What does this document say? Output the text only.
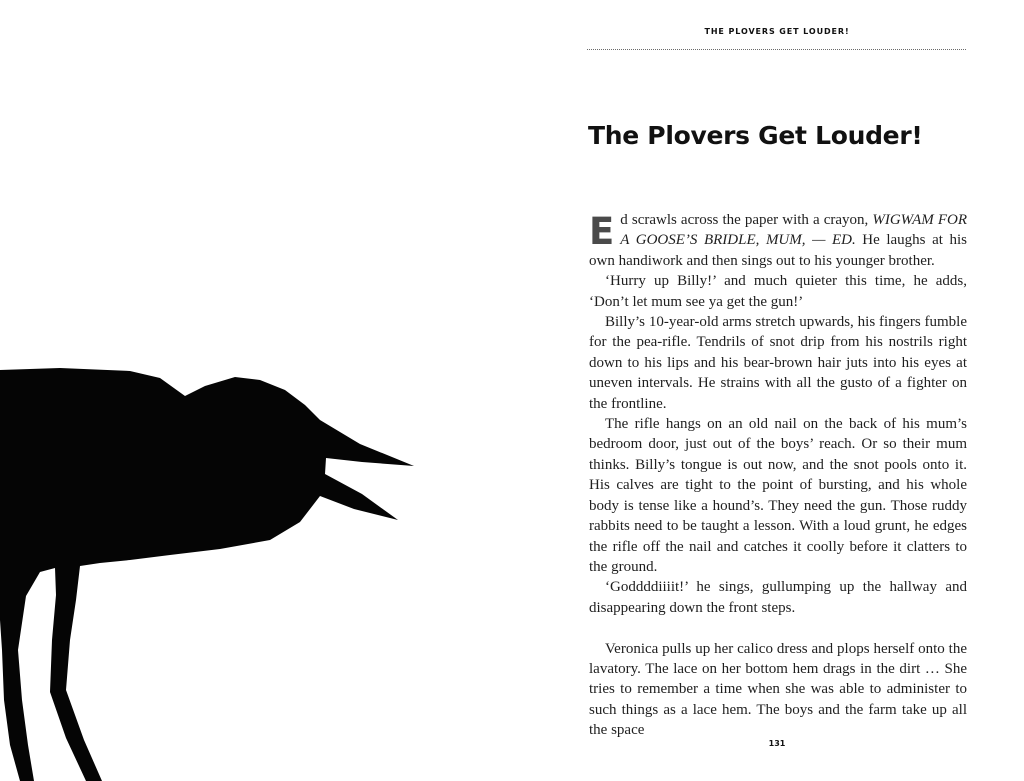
THE PLOVERS GET LOUDER!
The Plovers Get Louder!

Ed scrawls across the paper with a crayon, WIGWAM FOR A GOOSE’S BRIDLE, MUM, — ED. He laughs at his own handiwork and then sings out to his younger brother.

‘Hurry up Billy!’ and much quieter this time, he adds, ‘Don’t let mum see ya get the gun!’

Billy’s 10-year-old arms stretch upwards, his fingers fumble for the pea-rifle. Tendrils of snot drip from his nostrils right down to his lips and his bear-brown hair juts into his eyes at uneven intervals. He strains with all the gusto of a fighter on the frontline.

The rifle hangs on an old nail on the back of his mum’s bedroom door, just out of the boys’ reach. Or so their mum thinks. Billy’s tongue is out now, and the snot pools onto it. His calves are tight to the point of bursting, and his whole body is tense like a hound’s. They need the gun. Those ruddy rabbits need to be taught a lesson. With a loud grunt, he edges the rifle off the nail and catches it coolly before it clatters to the ground.

‘Goddddiiiit!’ he sings, gullumping up the hallway and disappearing down the front steps.

Veronica pulls up her calico dress and plops herself onto the lavatory. The lace on her bottom hem drags in the dirt … She tries to remember a time when she was able to administer to such things as a lace hem. The boys and the farm take up all the space

131
